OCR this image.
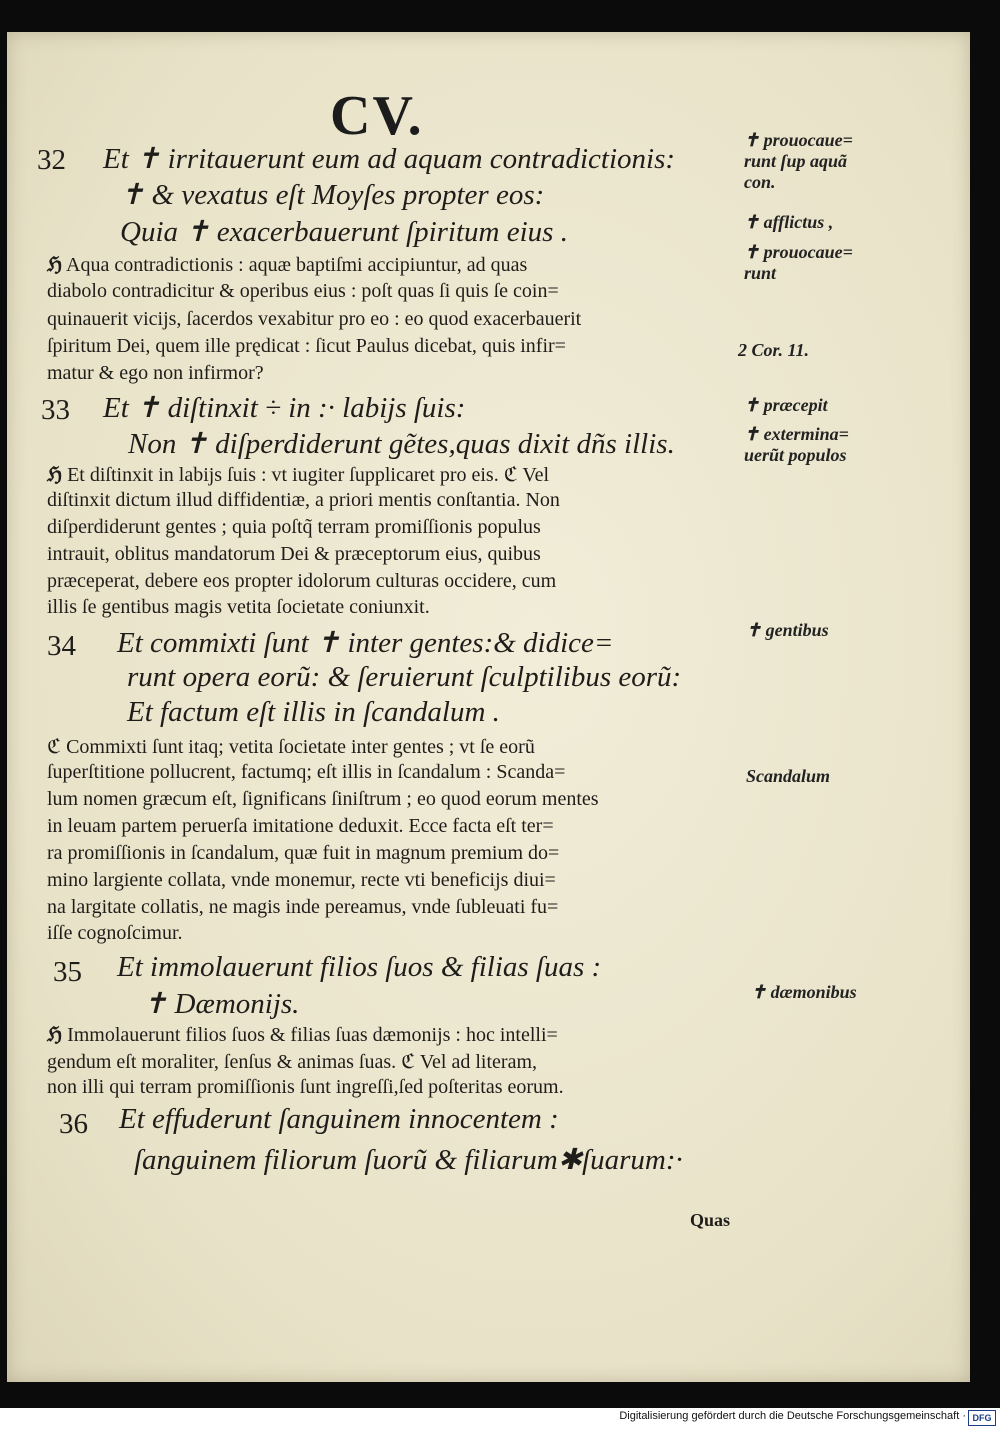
CV.
32 Et ✝ irritauerunt eum ad aquam contradictionis:
✝ & vexatus eſt Moyſes propter eos:
Quia ✝ exacerbauerunt ſpiritum eius .
ℌ Aqua contradictionis : aquæ baptiſmi accipiuntur, ad quas
diabolo contradicitur & operibus eius : poſt quas ſi quis ſe coin=
quinauerit vicijs, ſacerdos vexabitur pro eo : eo quod exacerbauerit
ſpiritum Dei, quem ille prędicat : ſicut Paulus dicebat, quis infir=
matur & ego non infirmor?
33 Et ✝ diſtinxit ÷ in :· labijs ſuis:
Non ✝ diſperdiderunt gẽtes,quas dixit dñs illis.
ℌ Et diſtinxit in labijs ſuis : vt iugiter ſupplicaret pro eis. ℭ Vel
diſtinxit dictum illud diffidentiæ, a priori mentis conſtantia. Non
diſperdiderunt gentes ; quia poſtq̃ terram promiſſionis populus
intrauit, oblitus mandatorum Dei & præceptorum eius, quibus
præceperat, debere eos propter idolorum culturas occidere, cum
illis ſe gentibus magis vetita ſocietate coniunxit.
34 Et commixti ſunt ✝ inter gentes:& didice=
runt opera eorũ: & ſeruierunt ſculptilibus eorũ:
Et factum eſt illis in ſcandalum .
ℭ Commixti ſunt itaq; vetita ſocietate inter gentes ; vt ſe eorũ
ſuperſtitione pollucrent, factumq; eſt illis in ſcandalum : Scanda=
lum nomen græcum eſt, ſignificans ſiniſtrum ; eo quod eorum mentes
in leuam partem peruerſa imitatione deduxit. Ecce facta eſt ter=
ra promiſſionis in ſcandalum, quæ fuit in magnum premium do=
mino largiente collata, vnde monemur, recte vti beneficijs diui=
na largitate collatis, ne magis inde pereamus, vnde ſubleuati fu=
iſſe cognoſcimur.
35 Et immolauerunt filios ſuos & filias ſuas :
✝ Dæmonijs.
ℌ Immolauerunt filios ſuos & filias ſuas dæmonijs : hoc intelli=
gendum eſt moraliter, ſenſus & animas ſuas. ℭ Vel ad literam,
non illi qui terram promiſſionis ſunt ingreſſi,ſed poſteritas eorum.
36 Et effuderunt ſanguinem innocentem :
ſanguinem filiorum ſuorũ & filiarum✱ſuarum:·
Quas
✝ prouocaue=
runt ſup aquã
con.
✝ afflictus ,
✝ prouocaue=
runt
2 Cor. 11.
✝ præcepit
✝ extermina=
uerũt populos
✝ gentibus
Scandalum
✝ dæmonibus
Digitalisierung gefördert durch die Deutsche Forschungsgemeinschaft · DFG
